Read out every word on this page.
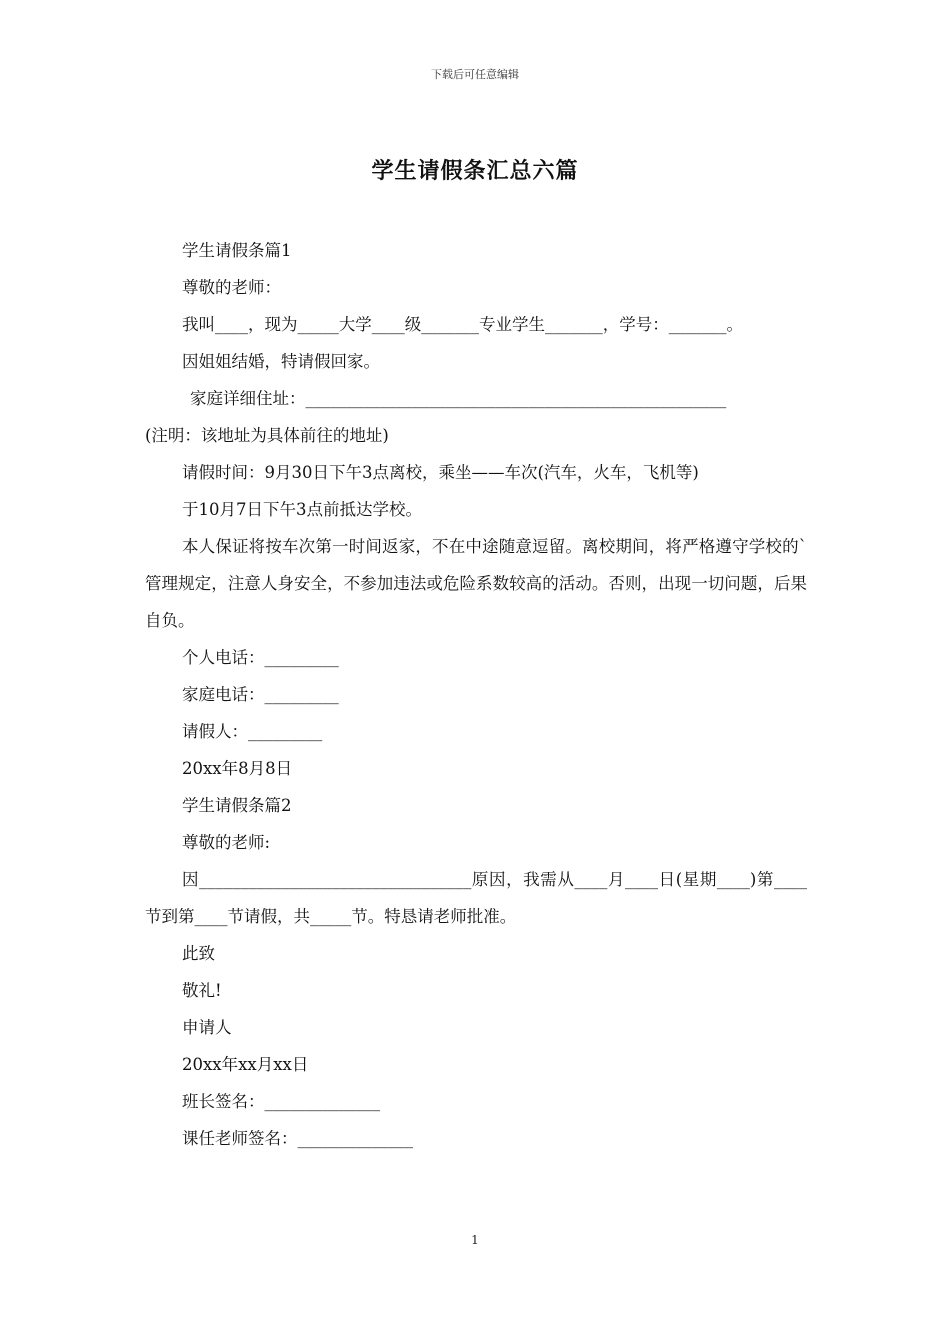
下载后可任意编辑
学生请假条汇总六篇

学生请假条篇1

尊敬的老师：

我叫____，现为_____大学____级_______专业学生_______，学号：_______。

因姐姐结婚，特请假回家。

家庭详细住址：___________________________________________________

(注明：该地址为具体前往的地址)

请假时间：9月30日下午3点离校，乘坐——车次(汽车，火车，飞机等)

于10月7日下午3点前抵达学校。

本人保证将按车次第一时间返家，不在中途随意逗留。离校期间，将严格遵守学校的`管理规定，注意人身安全，不参加违法或危险系数较高的活动。否则，出现一切问题，后果自负。

个人电话：_________

家庭电话：_________

请假人：_________

20xx年8月8日

学生请假条篇2

尊敬的老师:

因_________________________________原因，我需从____月____日(星期____)第____节到第____节请假，共_____节。特恳请老师批准。

此致

敬礼!

申请人

20xx年xx月xx日

班长签名：______________

课任老师签名：______________

1
